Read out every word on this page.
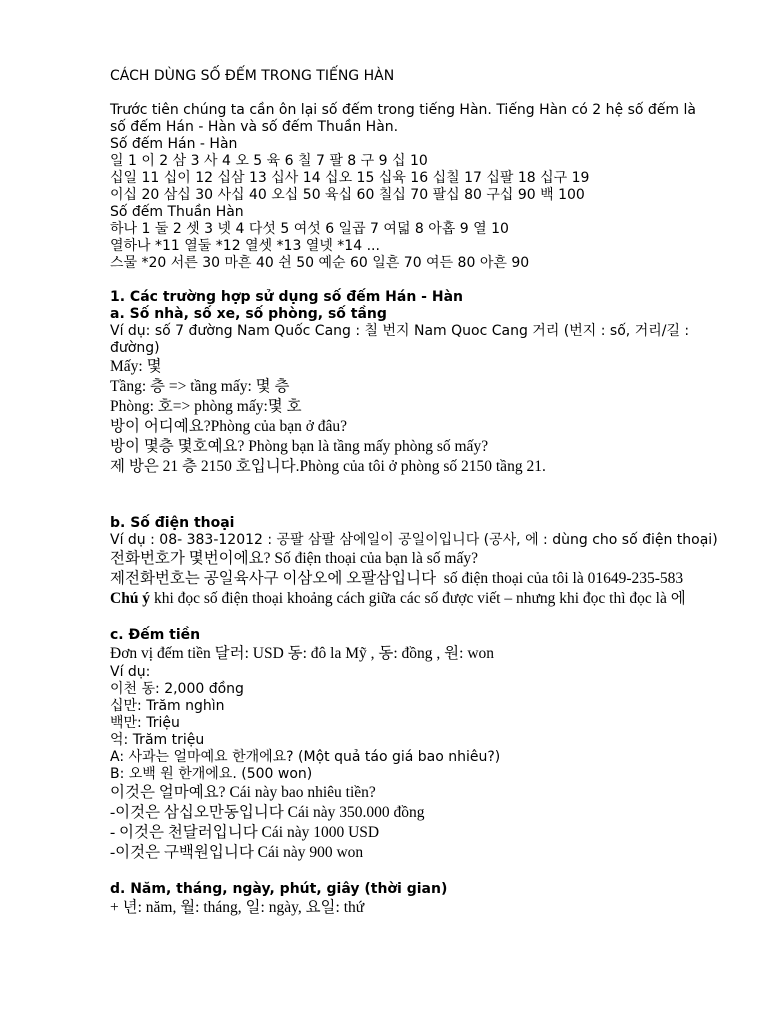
CÁCH DÙNG SỐ ĐẾM TRONG TIẾNG HÀN
Trước tiên chúng ta cần ôn lại số đếm trong tiếng Hàn. Tiếng Hàn có 2 hệ số đếm là số đếm Hán - Hàn và số đếm Thuần Hàn.
Số đếm Hán - Hàn
일 1 이 2 삼 3 사 4 오 5 육 6 칠 7 팔 8 구 9 십 10
십일 11 십이 12 십삼 13 십사 14 십오 15 십육 16 십칠 17 십팔 18 십구 19
이십 20 삼십 30 사십 40 오십 50 육십 60 칠십 70 팔십 80 구십 90 백 100
Số đếm Thuần Hàn
하나 1 둘 2 셋 3 넷 4 다섯 5 여섯 6 일곱 7 여덟 8 아홉 9 열 10
열하나 *11 열둘 *12 열셋 *13 열넷 *14 ...
스물 *20 서른 30 마흔 40 쉰 50 예순 60 일흔 70 여든 80 아흔 90
1. Các trường hợp sử dụng số đếm Hán - Hàn
a. Số nhà, số xe, số phòng, số tầng
Ví dụ: số 7 đường Nam Quốc Cang : 칠 번지 Nam Quoc Cang 거리 (번지 : số, 거리/길 : đường)
Mấy: 몇
Tầng: 층 => tầng mấy: 몇 층
Phòng: 호=> phòng mấy:몇 호
방이 어디예요?Phòng của bạn ở đâu?
방이 몇층 몇호예요? Phòng bạn là tầng mấy phòng số mấy?
제 방은 21 층 2150 호입니다.Phòng của tôi ở phòng số 2150 tầng 21.
b. Số điện thoại
Ví dụ : 08- 383-12012 : 공팔 삼팔 삼에일이 공일이입니다 (공사, 에 : dùng cho số điện thoại)
전화번호가 몇번이에요? Số điện thoại của bạn là số mấy?
제전화번호는 공일육사구 이삼오에 오팔삼입니다  số điện thoại của tôi là 01649-235-583
Chú ý khi đọc số điện thoại khoảng cách giữa các số được viết – nhưng khi đọc thì đọc là 에
c. Đếm tiền
Đơn vị đếm tiền 달러: USD 동: đô la Mỹ , 동: đồng , 원: won
Ví dụ:
이천 동: 2,000 đồng
십만: Trăm nghìn
백만: Triệu
억: Trăm triệu
A: 사과는 얼마예요 한개에요? (Một quả táo giá bao nhiêu?)
B: 오백 원 한개에요. (500 won)
이것은 얼마예요? Cái này bao nhiêu tiền?
-이것은 삼십오만동입니다 Cái này 350.000 đồng
- 이것은 천달러입니다 Cái này 1000 USD
-이것은 구백원입니다 Cái này 900 won
d. Năm, tháng, ngày, phút, giây (thời gian)
+ 년: năm, 월: tháng, 일: ngày, 요일: thứ
